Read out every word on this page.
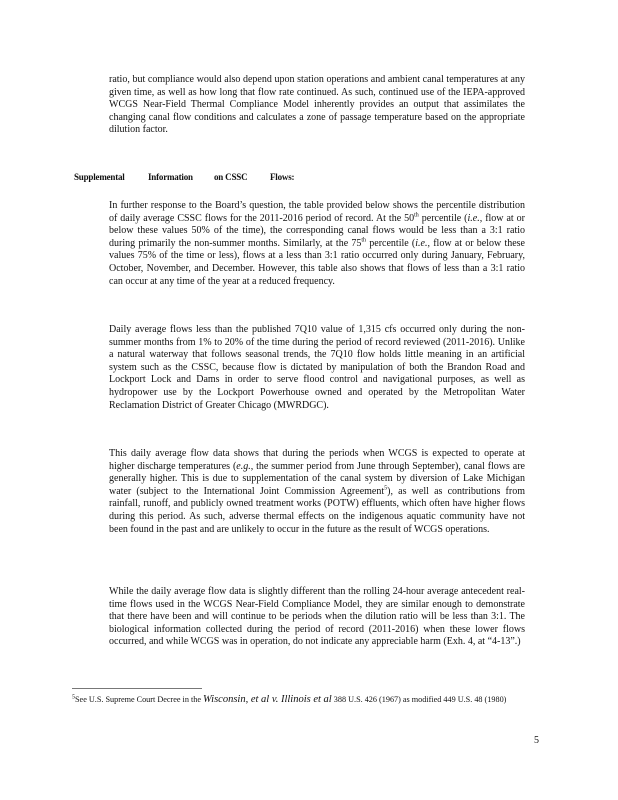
ratio, but compliance would also depend upon station operations and ambient canal temperatures at any given time, as well as how long that flow rate continued. As such, continued use of the IEPA-approved WCGS Near-Field Thermal Compliance Model inherently provides an output that assimilates the changing canal flow conditions and calculates a zone of passage temperature based on the appropriate dilution factor.

Supplemental	Information on CSSC	Flows:

In further response to the Board’s question, the table provided below shows the percentile distribution of daily average CSSC flows for the 2011-2016 period of record. At the 50th percentile (i.e., flow at or below these values 50% of the time), the corresponding canal flows would be less than a 3:1 ratio during primarily the non-summer months. Similarly, at the 75th percentile (i.e., flow at or below these values 75% of the time or less), flows at a less than 3:1 ratio occurred only during January, February, October, November, and December. However, this table also shows that flows of less than a 3:1 ratio can occur at any time of the year at a reduced frequency.

Daily average flows less than the published 7Q10 value of 1,315 cfs occurred only during the non-summer months from 1% to 20% of the time during the period of record reviewed (2011-2016). Unlike a natural waterway that follows seasonal trends, the 7Q10 flow holds little meaning in an artificial system such as the CSSC, because flow is dictated by manipulation of both the Brandon Road and Lockport Lock and Dams in order to serve flood control and navigational purposes, as well as hydropower use by the Lockport Powerhouse owned and operated by the Metropolitan Water Reclamation District of Greater Chicago (MWRDGC).

This daily average flow data shows that during the periods when WCGS is expected to operate at higher discharge temperatures (e.g., the summer period from June through September), canal flows are generally higher. This is due to supplementation of the canal system by diversion of Lake Michigan water (subject to the International Joint Commission Agreement$^5$), as well as contributions from rainfall, runoff, and publicly owned treatment works (POTW) effluents, which often have higher flows during this period. As such, adverse thermal effects on the indigenous aquatic community have not been found in the past and are unlikely to occur in the future as the result of WCGS operations.

While the daily average flow data is slightly different than the rolling 24-hour average antecedent real-time flows used in the WCGS Near-Field Compliance Model, they are similar enough to demonstrate that there have been and will continue to be periods when the dilution ratio will be less than 3:1. The biological information collected during the period of record (2011-2016) when these lower flows occurred, and while WCGS was in operation, do not indicate any appreciable harm (Exh. 4, at “4-13”.)

$^5$See U.S. Supreme Court Decree in the Wisconsin, et al v. Illinois et al 388 U.S. 426 (1967) as modified 449 U.S. 48 (1980)
5
